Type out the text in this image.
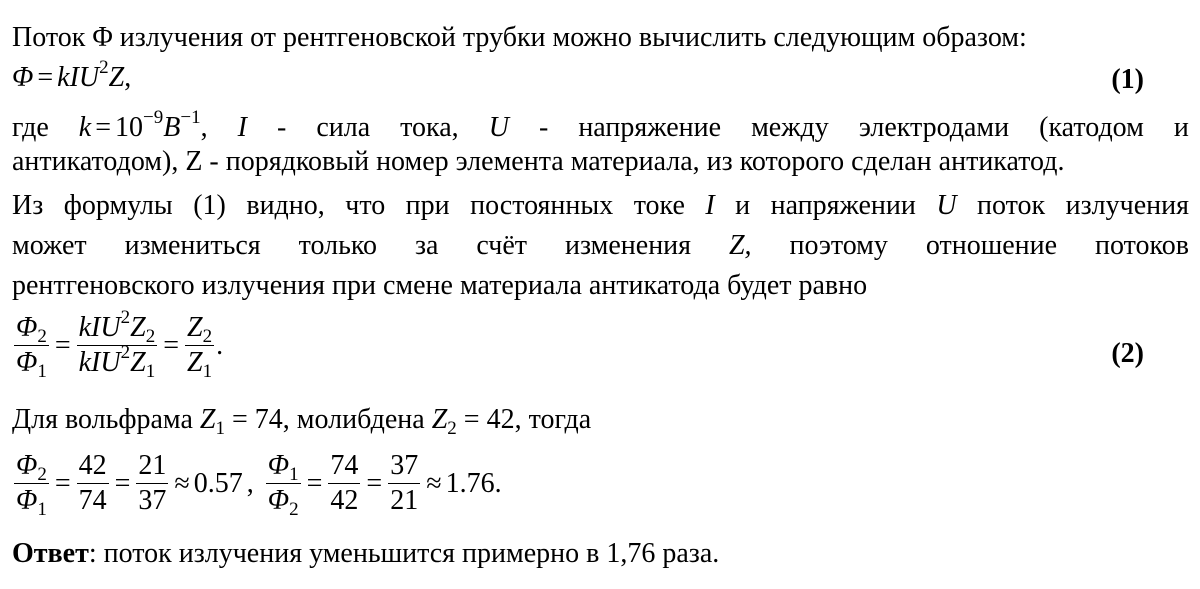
Поток Φ излучения от рентгеновской трубки можно вычислить следующим образом:
Φ = kIU$^2$Z,	(1)
где $k = 10^{-9}B^{-1}$, I - сила тока, U - напряжение между электродами (катодом и
антикатодом), Z - порядковый номер элемента материала, из которого сделан антикатод.
Из формулы (1) видно, что при постоянных токе I и напряжении U поток излучения
может измениться только за счёт изменения Z, поэтому отношение потоков
рентгеновского излучения при смене материала антикатода будет равно
$\frac{\Phi_2}{\Phi_1} = \frac{kIU^2Z_2}{kIU^2Z_1} = \frac{Z_2}{Z_1}$ .	(2)
Для вольфрама $Z_1 = 74$, молибдена $Z_2 = 42$, тогда
$\frac{\Phi_2}{\Phi_1} = \frac{42}{74} = \frac{21}{37} \approx 0.57$ , $\frac{\Phi_1}{\Phi_2} = \frac{74}{42} = \frac{37}{21} \approx 1.76$ .
Ответ: поток излучения уменьшится примерно в 1,76 раза.
